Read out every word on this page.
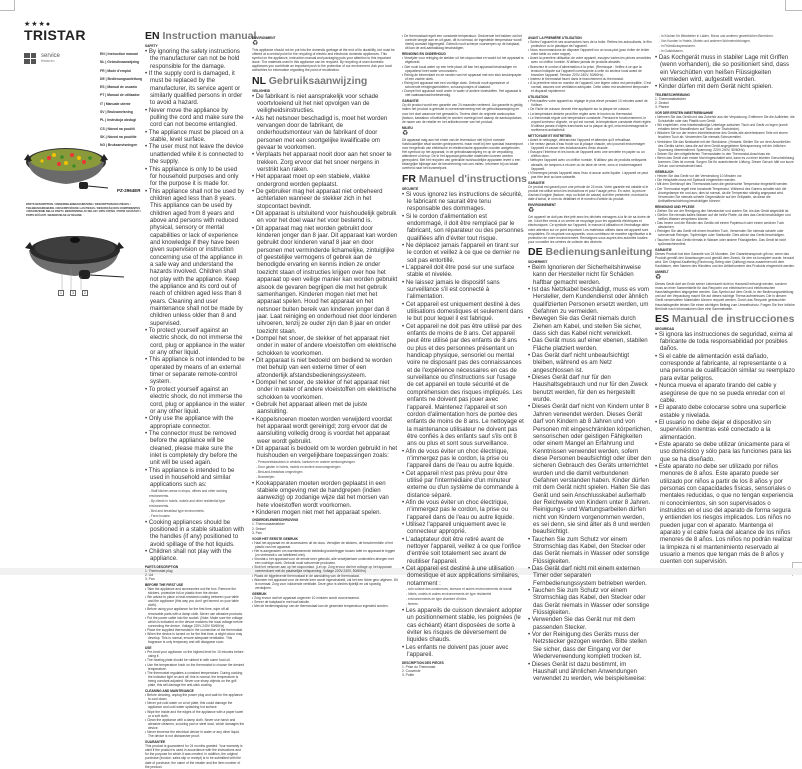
★★★●
TRISTAR
service
tristar.eu
EN | Instruction manual
NL | Gebruiksaanwijzing
FR | Mode d'emploi
DE | Bedienungsanleitung
ES | Manual de usuario
PT | Manual de utilizador
IT | Manuale utente
SV | Bruksanvisning
PL | Instrukcja obsługi
CS | Návod na použití
SK | Návod na použitie
NO | Bruksanvisningen
PZ-2964ER
PARTS DESCRIPTION / ONDERDELENBESCHRIJVING / DESCRIPTION DES PIÈCES / TEILEBESCHREIBUNG / DESCRIPCIÓN DE LAS PIEZAS / DESCRIÇÃO DOS COMPONENTES / DESCRIZIONE DELLE PARTI / BESKRIVNING AV DELAR / OPIS CZĘŚCI / POPIS SOUČÁSTÍ / POPIS SÚČASTÍ / BESKRIVELSE AV DELENE
1	3	2
EN Instruction manual
SAFETY
• By ignoring the safety instructions the manufacturer can not be hold responsible for the damage.
• If the supply cord is damaged, it must be replaced by the manufacturer, its service agent or similarly qualified persons in order to avoid a hazard.
• Never move the appliance by pulling the cord and make sure the cord can not become entangled.
• The appliance must be placed on a stable, level surface.
• The user must not leave the device unattended while it is connected to the supply.
• This appliance is only to be used for household purposes and only for the purpose it is made for.
• This appliance shall not be used by children aged less than 8 years. This appliance can be used by children aged from 8 years and above and persons with reduced physical, sensory or mental capabilities or lack of experience and knowledge if they have been given supervision or instruction concerning use of the appliance in a safe way and understand the hazards involved. Children shall not play with the appliance. Keep the appliance and its cord out of reach of children aged less than 8 years. Cleaning and user maintenance shall not be made by children unless older than 8 and supervised.
• To protect yourself against an electric shock, do not immerse the cord, plug or appliance in the water or any other liquid.
• This appliance is not intended to be operated by means of an external timer or separate remote-control system.
• To protect yourself against an electric shock, do not immerse the cord, plug or appliance in the water or any other liquid.
• Only use the appliance with the appropriate connector.
• The connector must be removed before the appliance will be cleaned, please make sure the inlet is completely dry before the unit will be used again.
• This appliance is intended to be used in household and similar applications such as:
- Staff kitchen areas in shops, offices and other working environments.
- By clients in hotels, motels and other residential type environments.
- Bed and breakfast type environments.
- Farm houses.
• Cooking appliances should be positioned in a stable situation with the handles (if any) positioned to avoid spillage of the hot liquids.
• Children shall not play with the appliance.
PARTS DESCRIPTION
1. Thermostat plug
2. Lid
3. Pan
BEFORE THE FIRST USE
• Take the appliance and accessories out the box. Remove the stickers, protective foil or plastic from the device.
• We advise to place a heat-resistant coating between your table and the appliance (this way you don't get burned on your table cloth).
• Before using your appliance for the first time, wipe off all removable parts with a damp cloth. Never use abrasive products.
• Put the power cable into the socket. (Note: Make sure the voltage which is indicated on the device matches the local voltage before connecting the device. Voltage 220V-240V 50/60Hz)
• Place the supplied thermostat in the connection of the thermostat.
• When the device is turned on for the first time, a slight odour may develop. This is normal, ensure adequate ventilation. This fragrance is only temporary and will disappear soon.
USE
• Pre-heat your appliance on the highest level for 10 minutes before using it.
• The heating plate should be rubbed in with some food oil.
• Use the temperature knob on the thermostat to choose the desired temperature.
• The thermostat regulates a constant temperature. During cooking the indicator light on and off, this is normal, the temperature is being constant adjusted. Never use sharp objects on the grill plate, this will damage the anti-stick coating.
CLEANING AND MAINTENANCE
• Before cleaning, unplug the power plug and wait for the appliance to cool down.
• Never put cold water on a hot plate; this could damage the appliance and cold water splashing hot surface.
• Wipe the inside and the edges of the appliance with a paper towel or a soft cloth.
• Clean the appliance with a damp cloth. Never use harsh and abrasive cleaners, scouring pad or steel wool, which damages the device.
• Never immerse the electrical device in water or any other liquid. The device is not dishwasher proof.
GUARANTEE
This product is guaranteed for 24 months granted. Your warranty is valid if the product is used in accordance with the instructions and for the purpose for which it was created. In addition, the original purchase (invoice, sales slip or receipt) is to be submitted with the date of purchase, the name of the retailer and the item number of the product.
ENVIRONMENT
♻
This appliance should not be put into the domestic garbage at the end of its durability, but must be offered at a central point for the recycling of electric and electronic domestic appliances. This symbol on the appliance, instruction manual and packaging puts your attention to this important issue. The materials used in this appliance can be recycled. By recycling of used domestic appliances you contribute an important push to the protection of our environment. Ask your local authorities for information regarding the point of recollection.
NL Gebruiksaanwijzing
VEILIGHEID
• De fabrikant is niet aansprakelijk voor schade voortvloeiend uit het niet opvolgen van de veiligheidsinstructies.
• Als het netsnoer beschadigd is, moet het worden vervangen door de fabrikant, de onderhoudsmonteur van de fabrikant of door personen met een soortgelijke kwalificatie om gevaar te voorkomen.
• Verplaats het apparaat nooit door aan het snoer te trekken. Zorg ervoor dat het snoer nergens in verstrikt kan raken.
• Het apparaat moet op een stabiele, vlakke ondergrond worden geplaatst.
• De gebruiker mag het apparaat niet onbeheerd achterlaten wanneer de stekker zich in het stopcontact bevindt.
• Dit apparaat is uitsluitend voor huishoudelijk gebruik en voor het doel waar het voor bestemd is.
• Dit apparaat mag niet worden gebruikt door kinderen jonger dan 8 jaar. Dit apparaat kan worden gebruikt door kinderen vanaf 8 jaar en door personen met verminderde lichamelijke, zintuiglijke of geestelijke vermogens of gebrek aan de benodigde ervaring en kennis indien ze onder toezicht staan of instructies krijgen over hoe het apparaat op een veilige manier kan worden gebruikt alsook de gevaren begrijpen die met het gebruik samenhangen. Kinderen mogen niet met het apparaat spelen. Houd het apparaat en het netsnoer buiten bereik van kinderen jonger dan 8 jaar. Laat reiniging en onderhoud niet door kinderen uitvoeren, tenzij ze ouder zijn dan 8 jaar en onder toezicht staan.
• Dompel het snoer, de stekker of het apparaat niet onder in water of andere vloeistoffen om elektrische schokken te voorkomen.
• Dit apparaat is niet bedoeld om bediend te worden met behulp van een externe timer of een afzonderlijk afstandsbedieningssysteem.
• Dompel het snoer, de stekker of het apparaat niet onder in water of andere vloeistoffen om elektrische schokken te voorkomen.
• Gebruik het apparaat alleen met de juiste aansluiting.
• Koppelsnoeren moeten worden verwijderd voordat het apparaat wordt gereinigd; zorg ervoor dat de aansluiting volledig droog is voordat het apparaat weer wordt gebruikt.
• Dit apparaat is bedoeld om te worden gebruikt in het huishouden en vergelijkbare toepassingen zoals:
- Personeelskeukens in winkels, kantoren en andere werkomgevingen.
- Door gasten in hotels, motels en andere woonomgevingen.
- Bed-and-breakfast omgevingen.
- Boerderijen.
• Kookapparaten moeten worden geplaatst in een stabiele omgeving met de handgrepen (indien aanwezig) op zodanige wijze dat het morsen van hete vloeistoffen wordt voorkomen.
• Kinderen mogen niet met het apparaat spelen.
ONDERDELENBESCHRIJVING
1. Thermostaatstekker
2. Deksel
3. Pan
VOOR HET EERSTE GEBRUIK
• Haal het apparaat en de accessoires uit de doos. Verwijder de stickers, de beschermfolie of het plastic van het apparaat.
• Het is aangeraden om warmtewerende bekleding/onderlegger tussen tafel en apparaat te leggen (zo verbrandt u uw tafelkleed niet).
• Voordat u het apparaat voor de eerste keer gebruikt, alle verwijderbare onderdelen afvegen met een vochtige doek. Gebruik nooit schurende producten.
• Sluit het netsnoer aan op het stopcontact. (Let op: Zorg ervoor dat het voltage op het apparaat overeenkomt met de plaatselijke netspanning. Voltage 220V-240V, 50/60Hz)
• Plaats de bijgeleverde thermostaat in de aansluiting van de thermostaat.
• Wanneer het apparaat voor de eerste keer wordt ingeschakeld, zal het een lichte geur afgeven. Dit is normaal. Zorg voor voldoende ventilatie. Deze geur is slechts tijdelijk en zal spoedig verdwijnen.
GEBRUIK
• Zorg ervoor dat het apparaat ongeveer 10 minuten wordt voorverwarmd.
• Smeer de bakplaat in met wat bakolie.
• Met de bedieningsknop van de thermostaat kan de gewenste temperatuur ingesteld worden.
• De thermostaat regelt een constante temperatuur. Gedurende het bakken zal het controle lampje aan en uit gaan, dit is normaal, de ingestelde temperatuur wordt hierbij constant bijgeregeld. Gebruik nooit scherpe voorwerpen op de bakplaat, dit kan de anti-aanbaklaag beschadigen.
REINIGING EN ONDERHOUD
• Verwijder voor reiniging de stekker uit het stopcontact en wacht tot het apparaat is afgekoeld.
• Giet nooit koud water op een hete plaat, dit kan het apparaat beschadigen en opspattend heet water veroorzaken.
• Reinig de binnenkant en de randen van het apparaat met een stuk keukenpapier of een zachte doek.
• Reinig het apparaat met een vochtige doek. Gebruik nooit agressieve of schurende reinigingsmiddelen, schuursponsjes of staalwol.
• Dompel het apparaat nooit onder in water of andere vloeistoffen. Het apparaat is niet vaatwasmachinebestendig.
GARANTIE
Op dit product wordt een garantie van 24 maanden verleend. Uw garantie is geldig indien het product is gebruikt in overeenstemming met de gebruiksaanwijzing en voor het doel waarvoor het gemaakt is. Tevens dient de originele aankoopbon (factuur, kassabon of kwitantie) te worden overlegd met daarop de aankoopdatum, de naam van de retailer en het artikelnummer van het product.
MILIEU
♻
Dit apparaat mag aan het einde van de levensduur niet bij het normale huishoudelijke afval worden gedeponeerd, maar moet bij een speciaal inzamelpunt voor hergebruik van elektrische en elektronische apparaten worden aangeboden. Het symbool op het apparaat, in de gebruiksaanwijzing en op de verpakking attendeert u hierop. De in het apparaat gebruikte materialen kunnen worden gerecycled. Met het recyclen van gebruikte huishoudelijke apparaten levert u een belangrijke bijdrage aan de bescherming van ons milieu. Informeer bij uw lokale overheid naar het inzamelpunt.
FR Manuel d'instructions
SÉCURITÉ
• Si vous ignorez les instructions de sécurité, le fabricant ne saurait être tenu responsable des dommages.
• Si le cordon d'alimentation est endommagé, il doit être remplacé par le fabricant, son réparateur ou des personnes qualifiées afin d'éviter tout risque.
• Ne déplacez jamais l'appareil en tirant sur le cordon et veillez à ce que ce dernier ne soit pas entortillé.
• L'appareil doit être posé sur une surface stable et nivelée.
• Ne laissez jamais le dispositif sans surveillance s'il est connecté à l'alimentation.
• Cet appareil est uniquement destiné à des utilisations domestiques et seulement dans le but pour lequel il est fabriqué.
• Cet appareil ne doit pas être utilisé par des enfants de moins de 8 ans. Cet appareil peut être utilisé par des enfants de 8 ans ou plus et des personnes présentant un handicap physique, sensoriel ou mental voire ne disposant pas des connaissances et de l'expérience nécessaires en cas de surveillance ou d'instructions sur l'usage de cet appareil en toute sécurité et de compréhension des risques impliqués. Les enfants ne doivent pas jouer avec l'appareil. Maintenez l'appareil et son cordon d'alimentation hors de portée des enfants de moins de 8 ans. Le nettoyage et la maintenance utilisateur ne doivent pas être confiés à des enfants sauf s'ils ont 8 ans ou plus et sont sous surveillance.
• Afin de vous éviter un choc électrique, n'immergez pas le cordon, la prise ou l'appareil dans de l'eau ou autre liquide.
• Cet appareil n'est pas prévu pour être utilisé par l'intermédiaire d'un minuteur externe ou d'un système de commande à distance séparé.
• Afin de vous éviter un choc électrique, n'immergez pas le cordon, la prise ou l'appareil dans de l'eau ou autre liquide.
• Utilisez l'appareil uniquement avec le connecteur approprié.
• L'adaptateur doit être retiré avant de nettoyer l'appareil, veillez à ce que l'orifice d'entrée soit totalement sec avant de réutiliser l'appareil.
• Cet appareil est destiné à une utilisation domestique et aux applications similaires, notamment :
- coin cuisine des commerces, bureaux et autres environnements de travail
- hôtels, motels et autres environnements de type résidentiel
- environnements de type chambre d'hôtes
- fermes.
• Les appareils de cuisson devraient adopter un positionnement stable, les poignées (le cas échéant) étant disposées de sorte à éviter les risques de déversement de liquides chauds.
• Les enfants ne doivent pas jouer avec l'appareil.
DESCRIPTION DES PIÈCES
1. Prise du Thermostat
2. Couvercle
3. Poêle
AVANT LA PREMIÈRE UTILISATION
• Sortez l'appareil et ses accessoires hors de la boîte. Retirez les autocollants, le film protecteur ou le plastique de l'appareil.
• Nous recommandons de disposer l'appareil sur un sous-plat (pour éviter de brûler votre table ou votre nappe).
• Avant la première utilisation de votre appareil, essuyez toutes les pièces amovibles avec un chiffon humide. N'utilisez jamais de produits abrasifs.
• Branchez le cordon d'alimentation à la prise. (Remarque : Veillez à ce que la tension indiquée sur l'appareil corresponde à celle du secteur local avant de brancher l'appareil. Tension 220V-240V, 50/60Hz)
• Insérez le thermostat fourni dans le branchement du thermostat.
• À la première mise en marche de l'appareil, une légère odeur est perceptible. C'est normal, assurez une ventilation adéquate. Cette odeur est seulement temporaire et disparaît rapidement.
UTILISATION
• Préchauffez votre appareil au réglage le plus élevé pendant 10 minutes avant de l'utiliser.
• De l'huile de cuisson devrait être appliquée sur la plaque de cuisson.
• La température désirée peut être réglée avec le bouton du thermostat.
• Le thermostat régule une température constante. Pendant le fonctionnement, le voyant lumineux clignote, ce qui est normal, la température constante étant réglée. N'utilisez jamais d'objets tranchants sur la plaque du gril, cela endommagerait le revêtement antiadhésif.
NETTOYAGE ET ENTRETIEN
• Avant le nettoyage, débranchez l'appareil et attendez qu'il refroidisse.
• Ne versez jamais d'eau froide sur la plaque chaude, ceci pourrait endommager l'appareil et causer des éclaboussures d'eau chaude.
• Essuyez l'intérieur et les bords de l'appareil avec une serviette en papier ou un chiffon doux.
• Nettoyez l'appareil avec un chiffon humide. N'utilisez pas de produits nettoyants abrasifs, de tampons à récurer ou de laine de verre, ceux-ci endommageant l'appareil.
• N'immergez jamais l'appareil dans l'eau ni aucun autre liquide. L'appareil ne peut pas être lavé au lave-vaisselle.
GARANTIE
Ce produit est garanti pour une période de 24 mois. Votre garantie est valable si le produit est utilisé selon les instructions et pour l'usage prévu. En outre, la preuve d'achat d'origine (facture, reçu ou ticket de caisse) doit être présentée, montrant la date d'achat, le nom du détaillant et le numéro d'article du produit.
ENVIRONNEMENT
♻
Cet appareil ne doit pas être jeté avec les déchets ménagers à la fin de sa durée de vie, il doit être remis à un centre de recyclage pour les appareils électriques et électroniques. Ce symbole sur l'appareil, le manuel d'utilisation et l'emballage attire votre attention sur ce point important. Les matériaux utilisés dans cet appareil sont recyclables. En recyclant vos appareils, vous contribuez de manière significative à la protection de notre environnement. Renseignez-vous auprès des autorités locales pour connaître les centres de collecte des déchets.
DE Bedienungsanleitung
SICHERHEIT
• Beim Ignorieren der Sicherheitshinweise kann der Hersteller nicht für Schäden haftbar gemacht werden.
• Ist das Netzkabel beschädigt, muss es vom Hersteller, dem Kundendienst oder ähnlich qualifizierten Personen ersetzt werden, um Gefahren zu vermeiden.
• Bewegen Sie das Gerät niemals durch Ziehen am Kabel, und stellen Sie sicher, dass sich das Kabel nicht verwickelt.
• Das Gerät muss auf einer ebenen, stabilen Fläche platziert werden.
• Das Gerät darf nicht unbeaufsichtigt bleiben, während es am Netz angeschlossen ist.
• Dieses Gerät darf nur für den Haushaltsgebrauch und nur für den Zweck benutzt werden, für den es hergestellt wurde.
• Dieses Gerät darf nicht von Kindern unter 8 Jahren verwendet werden. Dieses Gerät darf von Kindern ab 8 Jahren und von Personen mit eingeschränkten körperlichen, sensorischen oder geistigen Fähigkeiten oder einem Mangel an Erfahrung und Kenntnissen verwendet werden, sofern diese Personen beaufsichtigt oder über den sicheren Gebrauch des Geräts unterrichtet wurden und die damit verbundenen Gefahren verstanden haben. Kinder dürfen mit dem Gerät nicht spielen. Halten Sie das Gerät und sein Anschlusskabel außerhalb der Reichweite von Kindern unter 8 Jahren. Reinigungs- und Wartungsarbeiten dürfen nicht von Kindern vorgenommen werden, es sei denn, sie sind älter als 8 und werden beaufsichtigt.
• Tauchen Sie zum Schutz vor einem Stromschlag das Kabel, den Stecker oder das Gerät niemals in Wasser oder sonstige Flüssigkeiten.
• Das Gerät darf nicht mit einem externen Timer oder separaten Fernbedienungssystem betrieben werden.
• Tauchen Sie zum Schutz vor einem Stromschlag das Kabel, den Stecker oder das Gerät niemals in Wasser oder sonstige Flüssigkeiten.
• Verwenden Sie das Gerät nur mit dem passenden Stecker.
• Vor der Reinigung des Geräts muss der Netzstecker gezogen werden. Bitte stellen Sie sicher, dass der Eingang vor der Wiederverwendung komplett trocken ist.
• Dieses Gerät ist dazu bestimmt, im Haushalt und ähnlichen Anwendungen verwendet zu werden, wie beispielsweise:
- In Küchen für Mitarbeiter in Läden, Büros und anderen gewerblichen Bereichen.
- Von Kunden in Hotels, Motels und anderen Wohneinrichtungen.
- In Frühstückspensionen.
- In Gutshäusern.
• Das Kochgerät muss in stabiler Lage mit Griffen (wenn vorhanden), die so positioniert sind, dass ein Verschütten von heißen Flüssigkeiten vermieden wird, aufgestellt werden.
• Kinder dürfen mit dem Gerät nicht spielen.
TEILEBESCHREIBUNG
1. Thermostatstecker
2. Deckel
3. Pfanne
VOR DER ERSTEN INBETRIEBNAHME
• Nehmen Sie das Gerät und das Zubehör aus der Verpackung. Entfernen Sie die Aufkleber, die Schutzfolie oder das Plastik vom Gerät.
• Wir empfehlen, eine hitzebeständige Unterlage zwischen Tisch und Gerät zu legen (somit erhalten keine Brandflecken auf Tisch oder Tischdecke).
• Wischen Sie vor der ersten Inbetriebnahme des Geräts alle abnehmbaren Teile mit einem feuchten Tuch ab. Verwenden Sie niemals Scheuermittel.
• Verbinden Sie das Netzkabel mit der Steckdose. (Hinweis: Stellen Sie vor dem Anschließen des Geräts sicher, dass die auf dem Gerät angegebene Netzspannung mit der örtlichen Spannung übereinstimmt. Spannung: 220V-240V, 50/60Hz)
• Setzen Sie den mitgelieferten Thermostaten in den Thermostat-Anschluss ein.
• Wenn das Gerät zum ersten Mal eingeschaltet wird, kann es zu einer leichten Geruchsbildung kommen. Dies ist normal. Sorgen Sie für ausreichende Lüftung. Dieser Geruch hält nur kurze Zeit an und verschwindet bald.
GEBRAUCH
• Heizen Sie das Gerät vor der Verwendung 10 Minuten vor.
• Die Heizplatte muss mit Speiseöl eingerieben werden.
• Mit dem Drehknopf des Thermostats kann die gewünschte Temperatur eingestellt werden.
• Der Thermostat regelt eine konstante Temperatur. Während des Garens schaltet sich die Anzeigelampe ein und aus; dies ist normal, da die Temperatur ständig angepasst wird. Verwenden Sie niemals scharfe Gegenstände auf der Grillplatte, da diese die Antihaftbeschichtung beschädigen können.
REINIGUNG UND PFLEGE
• Ziehen Sie vor der Reinigung den Netzstecker und warten Sie, bis das Gerät abgekühlt ist.
• Gießen Sie niemals kaltes Wasser auf die heiße Platte, da dies das Gerät beschädigen und heißes Wasser verspritzen könnte.
• Das Innere und die Ränder des Geräts mit einem Papiertuch oder einem weichen Tuch abwischen.
• Reinigen Sie das Gerät mit einem feuchten Tuch. Verwenden Sie niemals scharfe oder scheuernde Reiniger, Topfreiniger oder Stahlwolle. Dies würde das Gerät beschädigen.
• Tauchen Sie das Gerät niemals in Wasser oder andere Flüssigkeiten. Das Gerät ist nicht spülmaschinenfest.
GARANTIE
Dieses Produkt hat eine Garantie von 24 Monaten. Der Garantieanspruch gilt nur, wenn das Produkt gemäß den Anweisungen und gemäß dem Zweck, für den es konzipiert wurde, benutzt wird. Der Original-Kaufbeleg (Rechnung, Beleg oder Quittung) muss zusammen mit dem Kaufdatum, dem Namen des Händlers und der Artikelnummer des Produkts eingereicht werden.
UMWELT
♻
Dieses Gerät darf am Ende seiner Lebenszeit nicht im Hausmüll entsorgt werden, sondern muss an einer Sammelstelle für das Recyceln von elektrischen und elektronischen Haushaltsgeräten abgegeben werden. Das Symbol auf dem Gerät, in der Bedienungsanleitung und auf der Verpackung macht Sie auf dieses wichtige Thema aufmerksam. Die in diesem Gerät verwendeten Materialien können recycelt werden. Durch das Recyceln gebrauchter Haushaltsgeräte leisten Sie einen wichtigen Beitrag zum Umweltschutz. Fragen Sie Ihre örtliche Behörde nach Informationen über eine Sammelstelle.
ES Manual de instrucciones
SEGURIDAD
• Si ignora las instrucciones de seguridad, exima al fabricante de toda responsabilidad por posibles daños.
• Si el cable de alimentación está dañado, corresponde al fabricante, al representante o a una persona de cualificación similar su reemplazo para evitar peligros.
• Nunca mueva el aparato tirando del cable y asegúrese de que no se pueda enredar con el cable.
• El aparato debe colocarse sobre una superficie estable y nivelada.
• El usuario no debe dejar el dispositivo sin supervisión mientras esté conectado a la alimentación.
• Este aparato se debe utilizar únicamente para el uso doméstico y sólo para las funciones para las que se ha diseñado.
• Este aparato no debe ser utilizado por niños menores de 8 años. Este aparato puede ser utilizado por niños a partir de los 8 años y por personas con capacidades físicas, sensoriales o mentales reducidas, o que no tengan experiencia ni conocimientos, sin son supervisados o instruidos en el uso del aparato de forma segura y entienden los riesgos implicados. Los niños no pueden jugar con el aparato. Mantenga el aparato y el cable fuera del alcance de los niños menores de 8 años. Los niños no podrán realizar la limpieza ni el mantenimiento reservado al usuario a menos que tengan más de 8 años y cuenten con supervisión.
